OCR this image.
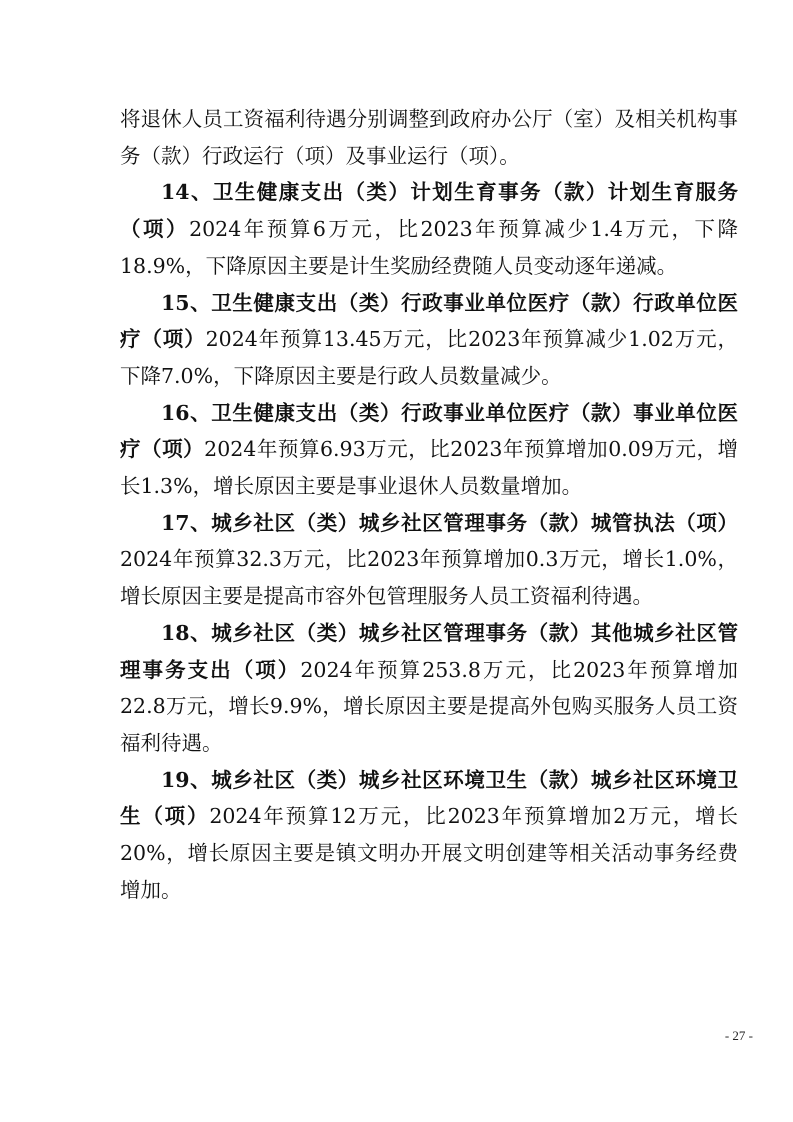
将退休人员工资福利待遇分别调整到政府办公厅（室）及相关机构事务（款）行政运行（项）及事业运行（项）。

14、卫生健康支出（类）计划生育事务（款）计划生育服务（项）2024年预算6万元，比2023年预算减少1.4万元，下降18.9%，下降原因主要是计生奖励经费随人员变动逐年递减。

15、卫生健康支出（类）行政事业单位医疗（款）行政单位医疗（项）2024年预算13.45万元，比2023年预算减少1.02万元，下降7.0%，下降原因主要是行政人员数量减少。

16、卫生健康支出（类）行政事业单位医疗（款）事业单位医疗（项）2024年预算6.93万元，比2023年预算增加0.09万元，增长1.3%，增长原因主要是事业退休人员数量增加。

17、城乡社区（类）城乡社区管理事务（款）城管执法（项）2024年预算32.3万元，比2023年预算增加0.3万元，增长1.0%，增长原因主要是提高市容外包管理服务人员工资福利待遇。

18、城乡社区（类）城乡社区管理事务（款）其他城乡社区管理事务支出（项）2024年预算253.8万元，比2023年预算增加22.8万元，增长9.9%，增长原因主要是提高外包购买服务人员工资福利待遇。

19、城乡社区（类）城乡社区环境卫生（款）城乡社区环境卫生（项）2024年预算12万元，比2023年预算增加2万元，增长20%，增长原因主要是镇文明办开展文明创建等相关活动事务经费增加。

- 27 -
